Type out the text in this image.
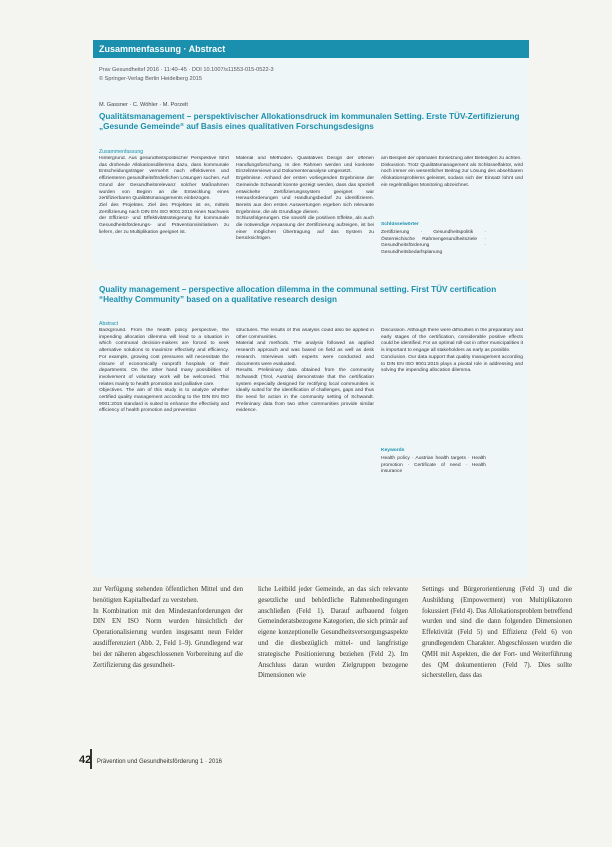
Zusammenfassung · Abstract
Prav Gesundheitsf 2016 · 11:40–45 · DOI 10.1007/s11553-015-0522-3
© Springer-Verlag Berlin Heidelberg 2015
M. Gassner · C. Wöhler · M. Porzelt
Qualitätsmanagement – perspektivischer Allokationsdruck im kommunalen Setting. Erste TÜV-Zertifizierung „Gesunde Gemeinde“ auf Basis eines qualitativen Forschungsdesigns
Zusammenfassung
Hintergrund. Aus gesundheitspolitischer Perspektive führt das drohende Allokationsdilemma dazu, dass kommunale Entscheidungsträger vermehrt nach effektiveren und effizienteren gesundheitsförderlichen Lösungen suchen. Auf Grund der Gesundheitsrelevanz solcher Maßnahmen wurden von Beginn an die Entwicklung eines zertifizierbaren Qualitätsmanagements einbezogen.
Ziel des Projektes. Ziel des Projektes ist es, mittels Zertifizierung nach DIN EN ISO 9001:2015 einen Nachweis der Effizienz- und Effektivitätssteigerung für kommunale Gesundheitsförderungs- und Präventionsinitiativen zu liefern, der zu Multiplikation geeignet ist.
Material und Methoden. Qualitatives Design der offenen Handlungsforschung. In den Rahmen werden und konkrete Einzelinterviews und Dokumentenanalyse umgesetzt.
Ergebnisse. Anhand der ersten vorliegenden Ergebnisse der Gemeinde Schwandt konnte gezeigt werden, dass das speziell entwickelte Zertifizierungssystem geeignet war Herausforderungen und Handlungsbedarf zu identifizieren. Bereits aus den ersten Auswertungen ergeben sich relevante Ergebnisse, die als Grundlage dienen.
Schlussfolgerungen. Die sowohl die positiven Effekte, als auch die notwendige Anpassung der Zertifizierung aufzeigen, ist bei einer möglichen Übertragung auf das System zu berücksichtigen.
am Beispiel der optimalen Einsetzung aller Beteiligten zu achten.
Diskussion. Trotz Qualitätsmanagement als Schlüsselfaktor, wird noch immer ein wesentlicher Beitrag zur Lösung des absehbaren Allokationsproblems geleistet, sodass sich der Einsatz lohnt und ein regelmäßiges Monitoring abzeichnet.
Schlüsselwörter
Zertifizierung · Gesundheitspolitik · Österreichische Rahmengesundheitsziele · Gesundheitsförderung · Gesundheitsbedarfsplanung
Quality management – perspective allocation dilemma in the communal setting. First TÜV certification “Healthy Community” based on a qualitative research design
Abstract
Background. From the health policy perspective, the impending allocation dilemma will lead to a situation in which communal decision-makers are forced to seek alternative solutions to maximize effectivity and efficiency. For example, growing cost pressures will necessitate the closure of economically nonprofit hospitals or their departments. On the other hand many possibilities of involvement of voluntary work will be welcomed. This relates mainly to health promotion and palliative care.
Objectives. The aim of this study is to analyze whether certified quality management according to the DIN EN ISO 9001:2015 standard is suited to enhance the effectivity and efficiency of health promotion and prevention
structures. The results of this analysis could also be applied in other communities.
Material and methods. The analysis followed an applied research approach and was based on field as well as desk research. Interviews with experts were conducted and documents were evaluated.
Results. Preliminary data obtained from the community Schwandt (Tirol, Austria) demonstrate that the certification system especially designed for rectifying local communities is ideally suited for the identification of challenges, gaps and thus the need for action in the community setting of Schwandt. Preliminary data from two other communities provide similar evidence.
Discussion. Although there were difficulties in the preparatory and early stages of the certification, considerable positive effects could be identified. For an optimal roll-out in other municipalities it is important to engage all stakeholders as early as possible.
Conclusion. Our data support that quality management according to DIN EN ISO 9001:2015 plays a pivotal role in addressing and solving the impending allocation dilemma.
Keywords
Health policy · Austrian health targets · Health promotion · Certificate of need · Health insurance
zur Verfügung stehenden öffentlichen Mittel und den benötigten Kapitalbedarf zu verstehen.
In Kombination mit den Mindestanforderungen der DIN EN ISO Norm wurden hinsichtlich der Operationalisierung wurden insgesamt neun Felder ausdifferenziert (Abb. 2, Feld 1–9). Grundlegend war bei der näheren abgeschlossenen Vorbereitung auf die Zertifizierung das gesundheit-
liche Leitbild jeder Gemeinde, an das sich relevante gesetzliche und behördliche Rahmenbedingungen anschließen (Feld 1). Darauf aufbauend folgen Gemeinderatsbezogene Kategorien, die sich primär auf eigene konzeptionelle Gesundheitsversorgungsaspekte und die diesbezüglich mittel- und langfristige strategische Positionierung beziehen (Feld 2). Im Anschluss daran wurden Zielgruppen bezogene Dimensionen wie
Settings und Bürgerorientierung (Feld 3) und die Ausbildung (Empowerment) von Multiplikatoren fokussiert (Feld 4). Das Allokationsproblem betreffend wurden und sind die dann folgenden Dimensionen Effektivität (Feld 5) und Effizienz (Feld 6) von grundlegendem Charakter. Abgeschlossen wurden die QMH mit Aspekten, die der Fort- und Weiterführung des QM dokumentieren (Feld 7). Dies sollte sicherstellen, dass das
42 Prävention und Gesundheitsförderung 1 · 2016
